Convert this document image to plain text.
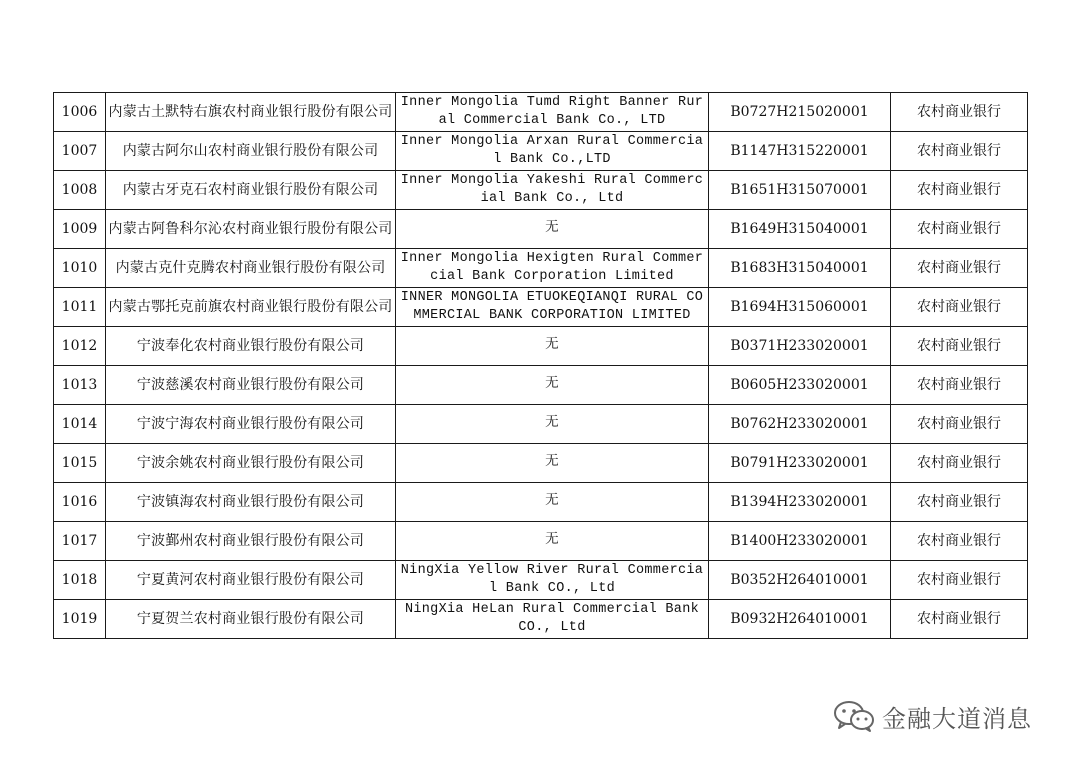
1006	内蒙古土默特右旗农村商业银行股份有限公司	Inner Mongolia Tumd Right Banner Rural Commercial Bank Co., LTD	B0727H215020001	农村商业银行
1007	内蒙古阿尔山农村商业银行股份有限公司	Inner Mongolia Arxan Rural Commercial Bank Co.,LTD	B1147H315220001	农村商业银行
1008	内蒙古牙克石农村商业银行股份有限公司	Inner Mongolia Yakeshi Rural Commercial Bank Co., Ltd	B1651H315070001	农村商业银行
1009	内蒙古阿鲁科尔沁农村商业银行股份有限公司	无	B1649H315040001	农村商业银行
1010	内蒙古克什克腾农村商业银行股份有限公司	Inner Mongolia Hexigten Rural Commercial Bank Corporation Limited	B1683H315040001	农村商业银行
1011	内蒙古鄂托克前旗农村商业银行股份有限公司	INNER MONGOLIA ETUOKEQIANQI RURAL COMMERCIAL BANK CORPORATION LIMITED	B1694H315060001	农村商业银行
1012	宁波奉化农村商业银行股份有限公司	无	B0371H233020001	农村商业银行
1013	宁波慈溪农村商业银行股份有限公司	无	B0605H233020001	农村商业银行
1014	宁波宁海农村商业银行股份有限公司	无	B0762H233020001	农村商业银行
1015	宁波余姚农村商业银行股份有限公司	无	B0791H233020001	农村商业银行
1016	宁波镇海农村商业银行股份有限公司	无	B1394H233020001	农村商业银行
1017	宁波鄞州农村商业银行股份有限公司	无	B1400H233020001	农村商业银行
1018	宁夏黄河农村商业银行股份有限公司	NingXia Yellow River Rural Commercial Bank CO., Ltd	B0352H264010001	农村商业银行
1019	宁夏贺兰农村商业银行股份有限公司	NingXia HeLan Rural Commercial Bank CO., Ltd	B0932H264010001	农村商业银行
金融大道消息
